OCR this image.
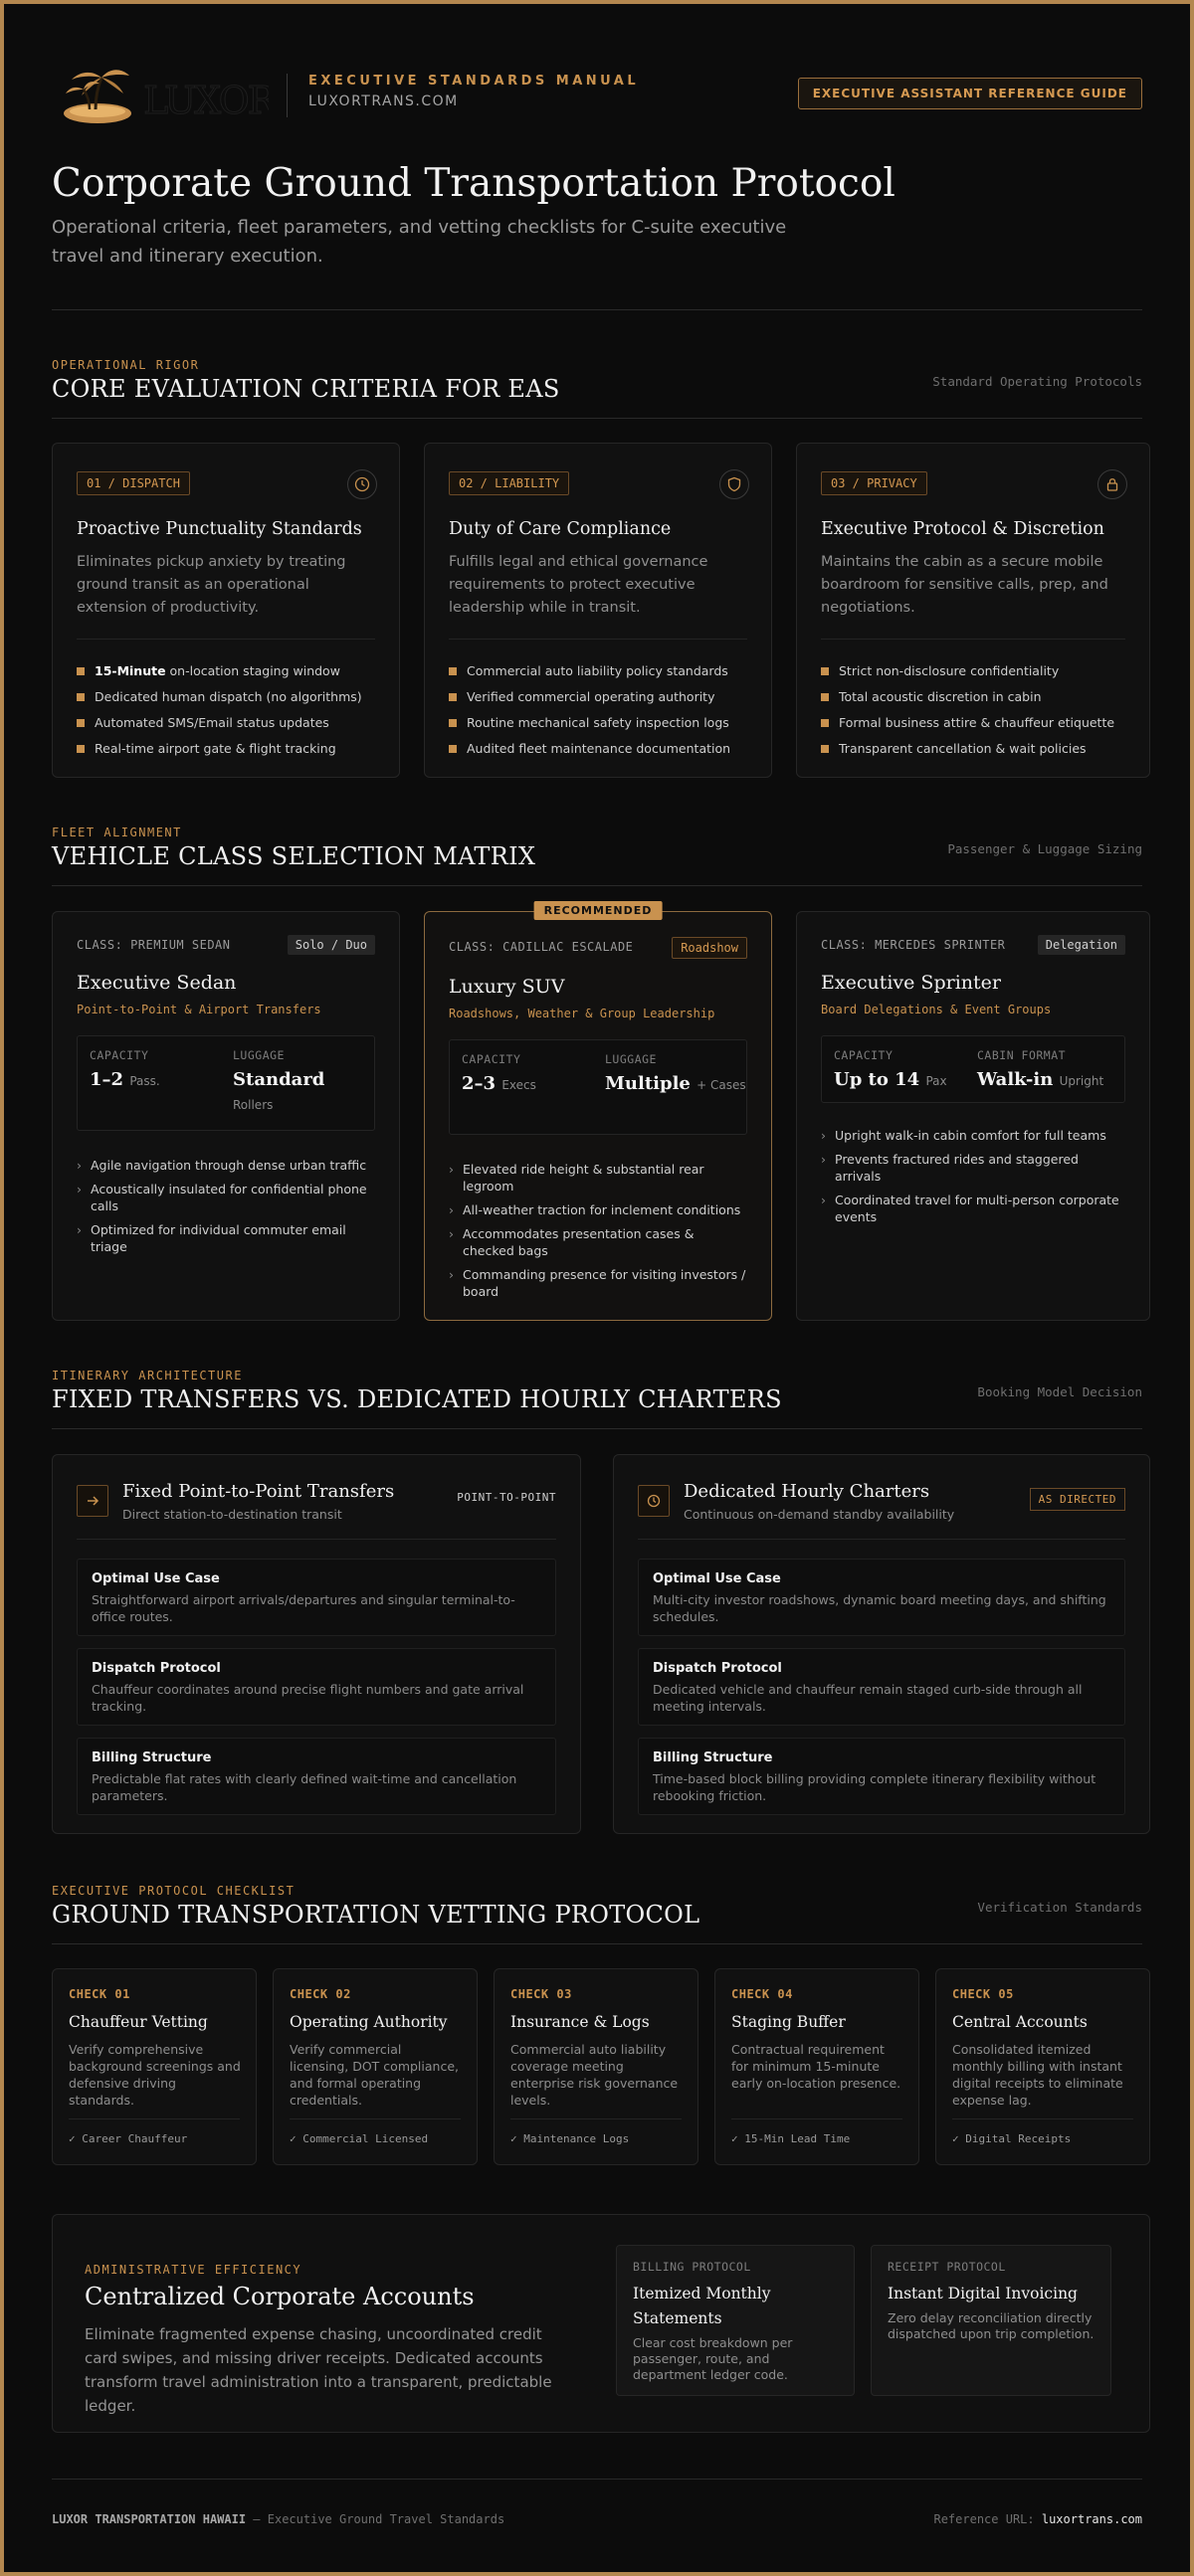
LUXOR	EXECUTIVE STANDARDS MANUAL
LUXORTRANS.COM	EXECUTIVE ASSISTANT REFERENCE GUIDE
Corporate Ground Transportation Protocol
Operational criteria, fleet parameters, and vetting checklists for C-suite executive travel and itinerary execution.
OPERATIONAL RIGOR
CORE EVALUATION CRITERIA FOR EAS	Standard Operating Protocols
01 / DISPATCH
Proactive Punctuality Standards
Eliminates pickup anxiety by treating ground transit as an operational extension of productivity.
15-Minute on-location staging window
Dedicated human dispatch (no algorithms)
Automated SMS/Email status updates
Real-time airport gate & flight tracking
02 / LIABILITY
Duty of Care Compliance
Fulfills legal and ethical governance requirements to protect executive leadership while in transit.
Commercial auto liability policy standards
Verified commercial operating authority
Routine mechanical safety inspection logs
Audited fleet maintenance documentation
03 / PRIVACY
Executive Protocol & Discretion
Maintains the cabin as a secure mobile boardroom for sensitive calls, prep, and negotiations.
Strict non-disclosure confidentiality
Total acoustic discretion in cabin
Formal business attire & chauffeur etiquette
Transparent cancellation & wait policies
FLEET ALIGNMENT
VEHICLE CLASS SELECTION MATRIX	Passenger & Luggage Sizing
CLASS: PREMIUM SEDAN	Solo / Duo
Executive Sedan
Point-to-Point & Airport Transfers
CAPACITY
1–2 Pass.
LUGGAGE
Standard
Rollers
› Agile navigation through dense urban traffic
› Acoustically insulated for confidential phone calls
› Optimized for individual commuter email triage
RECOMMENDED
CLASS: CADILLAC ESCALADE	Roadshow
Luxury SUV
Roadshows, Weather & Group Leadership
CAPACITY
2–3 Execs
LUGGAGE
Multiple + Cases
› Elevated ride height & substantial rear legroom
› All-weather traction for inclement conditions
› Accommodates presentation cases & checked bags
› Commanding presence for visiting investors / board
CLASS: MERCEDES SPRINTER	Delegation
Executive Sprinter
Board Delegations & Event Groups
CAPACITY
Up to 14 Pax
CABIN FORMAT
Walk-in Upright
› Upright walk-in cabin comfort for full teams
› Prevents fractured rides and staggered arrivals
› Coordinated travel for multi-person corporate events
ITINERARY ARCHITECTURE
FIXED TRANSFERS VS. DEDICATED HOURLY CHARTERS	Booking Model Decision
Fixed Point-to-Point Transfers
Direct station-to-destination transit
POINT-TO-POINT
Optimal Use Case

Straightforward airport arrivals/departures and singular terminal-to-office routes.

Dispatch Protocol

Chauffeur coordinates around precise flight numbers and gate arrival tracking.

Billing Structure

Predictable flat rates with clearly defined wait-time and cancellation parameters.

Dedicated Hourly Charters
Continuous on-demand standby availability
AS DIRECTED
Optimal Use Case

Multi-city investor roadshows, dynamic board meeting days, and shifting schedules.

Dispatch Protocol

Dedicated vehicle and chauffeur remain staged curb-side through all meeting intervals.

Billing Structure

Time-based block billing providing complete itinerary flexibility without rebooking friction.

EXECUTIVE PROTOCOL CHECKLIST
GROUND TRANSPORTATION VETTING PROTOCOL	Verification Standards
CHECK 01
Chauffeur Vetting
Verify comprehensive background screenings and defensive driving standards.
✓ Career Chauffeur
CHECK 02
Operating Authority
Verify commercial licensing, DOT compliance, and formal operating credentials.
✓ Commercial Licensed
CHECK 03
Insurance & Logs
Commercial auto liability coverage meeting enterprise risk governance levels.
✓ Maintenance Logs
CHECK 04
Staging Buffer
Contractual requirement for minimum 15-minute early on-location presence.
✓ 15-Min Lead Time
CHECK 05
Central Accounts
Consolidated itemized monthly billing with instant digital receipts to eliminate expense lag.
✓ Digital Receipts
ADMINISTRATIVE EFFICIENCY
Centralized Corporate Accounts
Eliminate fragmented expense chasing, uncoordinated credit card swipes, and missing driver receipts. Dedicated accounts transform travel administration into a transparent, predictable ledger.
BILLING PROTOCOL
Itemized Monthly Statements
Clear cost breakdown per passenger, route, and department ledger code.
RECEIPT PROTOCOL
Instant Digital Invoicing
Zero delay reconciliation directly dispatched upon trip completion.
LUXOR TRANSPORTATION HAWAII — Executive Ground Travel Standards	Reference URL: luxortrans.com
